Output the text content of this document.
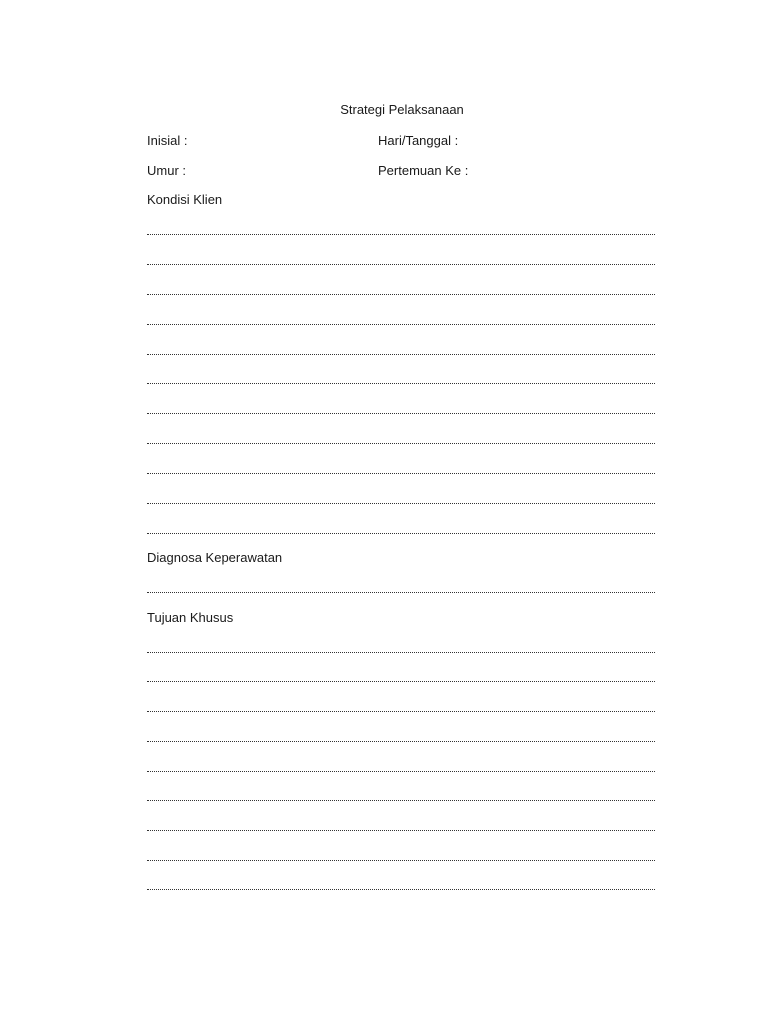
Strategi Pelaksanaan
Inisial :	Hari/Tanggal :
Umur :	Pertemuan Ke :
Kondisi Klien
Diagnosa Keperawatan
Tujuan Khusus
